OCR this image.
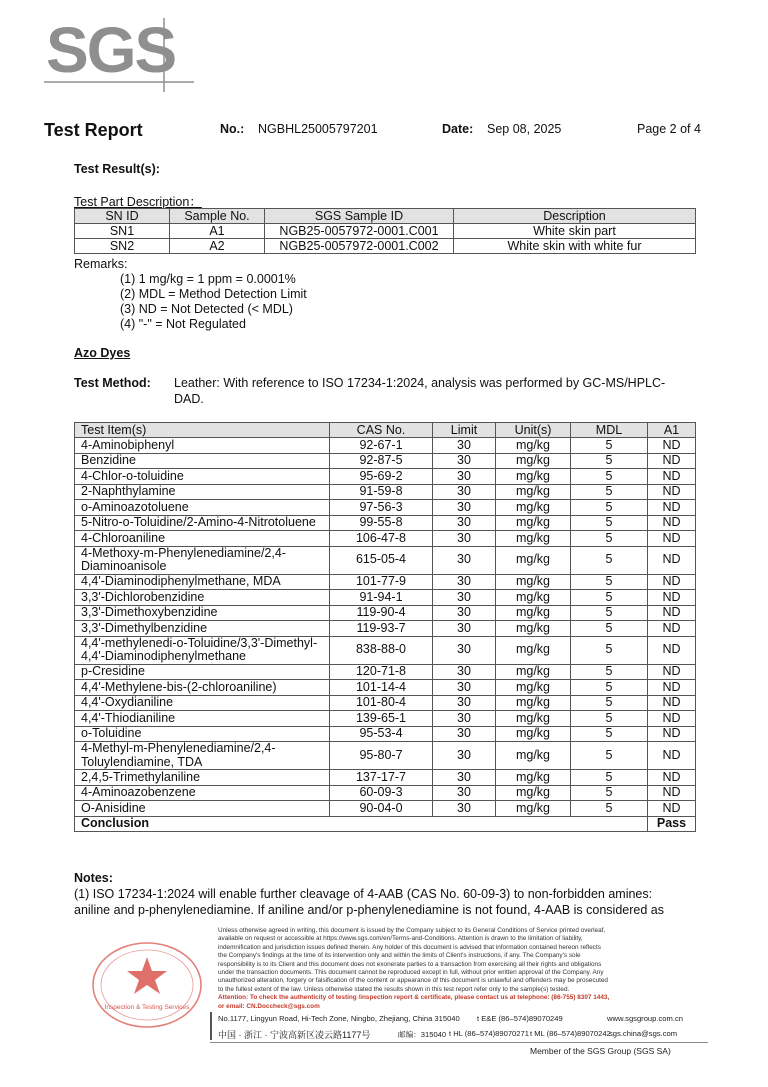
SGS
Test Report	No.: NGBHL25005797201	Date: Sep 08, 2025	Page 2 of 4
Test Result(s):
Test Part Description：
SN ID	Sample No.	SGS Sample ID	Description
SN1	A1	NGB25-0057972-0001.C001	White skin part
SN2	A2	NGB25-0057972-0001.C002	White skin with white fur
Remarks:
(1) 1 mg/kg = 1 ppm = 0.0001%
(2) MDL = Method Detection Limit
(3) ND = Not Detected (< MDL)
(4) "-" = Not Regulated
Azo Dyes
Test Method: Leather: With reference to ISO 17234-1:2024, analysis was performed by GC-MS/HPLC-DAD.
Test Item(s)	CAS No.	Limit	Unit(s)	MDL	A1
4-Aminobiphenyl	92-67-1	30	mg/kg	5	ND
Benzidine	92-87-5	30	mg/kg	5	ND
4-Chlor-o-toluidine	95-69-2	30	mg/kg	5	ND
2-Naphthylamine	91-59-8	30	mg/kg	5	ND
o-Aminoazotoluene	97-56-3	30	mg/kg	5	ND
5-Nitro-o-Toluidine/2-Amino-4-Nitrotoluene	99-55-8	30	mg/kg	5	ND
4-Chloroaniline	106-47-8	30	mg/kg	5	ND
4-Methoxy-m-Phenylenediamine/2,4-Diaminoanisole	615-05-4	30	mg/kg	5	ND
4,4'-Diaminodiphenylmethane, MDA	101-77-9	30	mg/kg	5	ND
3,3'-Dichlorobenzidine	91-94-1	30	mg/kg	5	ND
3,3'-Dimethoxybenzidine	119-90-4	30	mg/kg	5	ND
3,3'-Dimethylbenzidine	119-93-7	30	mg/kg	5	ND
4,4'-methylenedi-o-Toluidine/3,3'-Dimethyl-4,4'-Diaminodiphenylmethane	838-88-0	30	mg/kg	5	ND
p-Cresidine	120-71-8	30	mg/kg	5	ND
4,4'-Methylene-bis-(2-chloroaniline)	101-14-4	30	mg/kg	5	ND
4,4'-Oxydianiline	101-80-4	30	mg/kg	5	ND
4,4'-Thiodianiline	139-65-1	30	mg/kg	5	ND
o-Toluidine	95-53-4	30	mg/kg	5	ND
4-Methyl-m-Phenylenediamine/2,4-Toluylendiamine, TDA	95-80-7	30	mg/kg	5	ND
2,4,5-Trimethylaniline	137-17-7	30	mg/kg	5	ND
4-Aminoazobenzene	60-09-3	30	mg/kg	5	ND
O-Anisidine	90-04-0	30	mg/kg	5	ND
Conclusion					Pass
Notes:
(1) ISO 17234-1:2024 will enable further cleavage of 4-AAB (CAS No. 60-09-3) to non-forbidden amines:
aniline and p-phenylenediamine. If aniline and/or p-phenylenediamine is not found, 4-AAB is considered as
Inspection & Testing Services
Unless otherwise agreed in writing, this document is issued by the Company subject to its General Conditions of Service printed overleaf,
available on request or accessible at https://www.sgs.com/en/Terms-and-Conditions. Attention is drawn to the limitation of liability,
indemnification and jurisdiction issues defined therein. Any holder of this document is advised that information contained hereon reflects
the Company's findings at the time of its intervention only and within the limits of Client's instructions, if any. The Company's sole
responsibility is to its Client and this document does not exonerate parties to a transaction from exercising all their rights and obligations
under the transaction documents. This document cannot be reproduced except in full, without prior written approval of the Company. Any
unauthorized alteration, forgery or falsification of the content or appearance of this document is unlawful and offenders may be prosecuted
to the fullest extent of the law. Unless otherwise stated the results shown in this test report refer only to the sample(s) tested.
Attention: To check the authenticity of testing /inspection report & certificate, please contact us at telephone: (86-755) 8307 1443,
or email: CN.Doccheck@sgs.com
No.1177, Lingyun Road, Hi-Tech Zone, Ningbo, Zhejiang, China 315040 t E&E (86–574)89070249	www.sgsgroup.com.cn
中国 · 浙江 · 宁波高新区凌云路1177号	邮编：315040 t HL (86–574)89070271 t ML (86–574)89070242
sgs.china@sgs.com
Member of the SGS Group (SGS SA)
